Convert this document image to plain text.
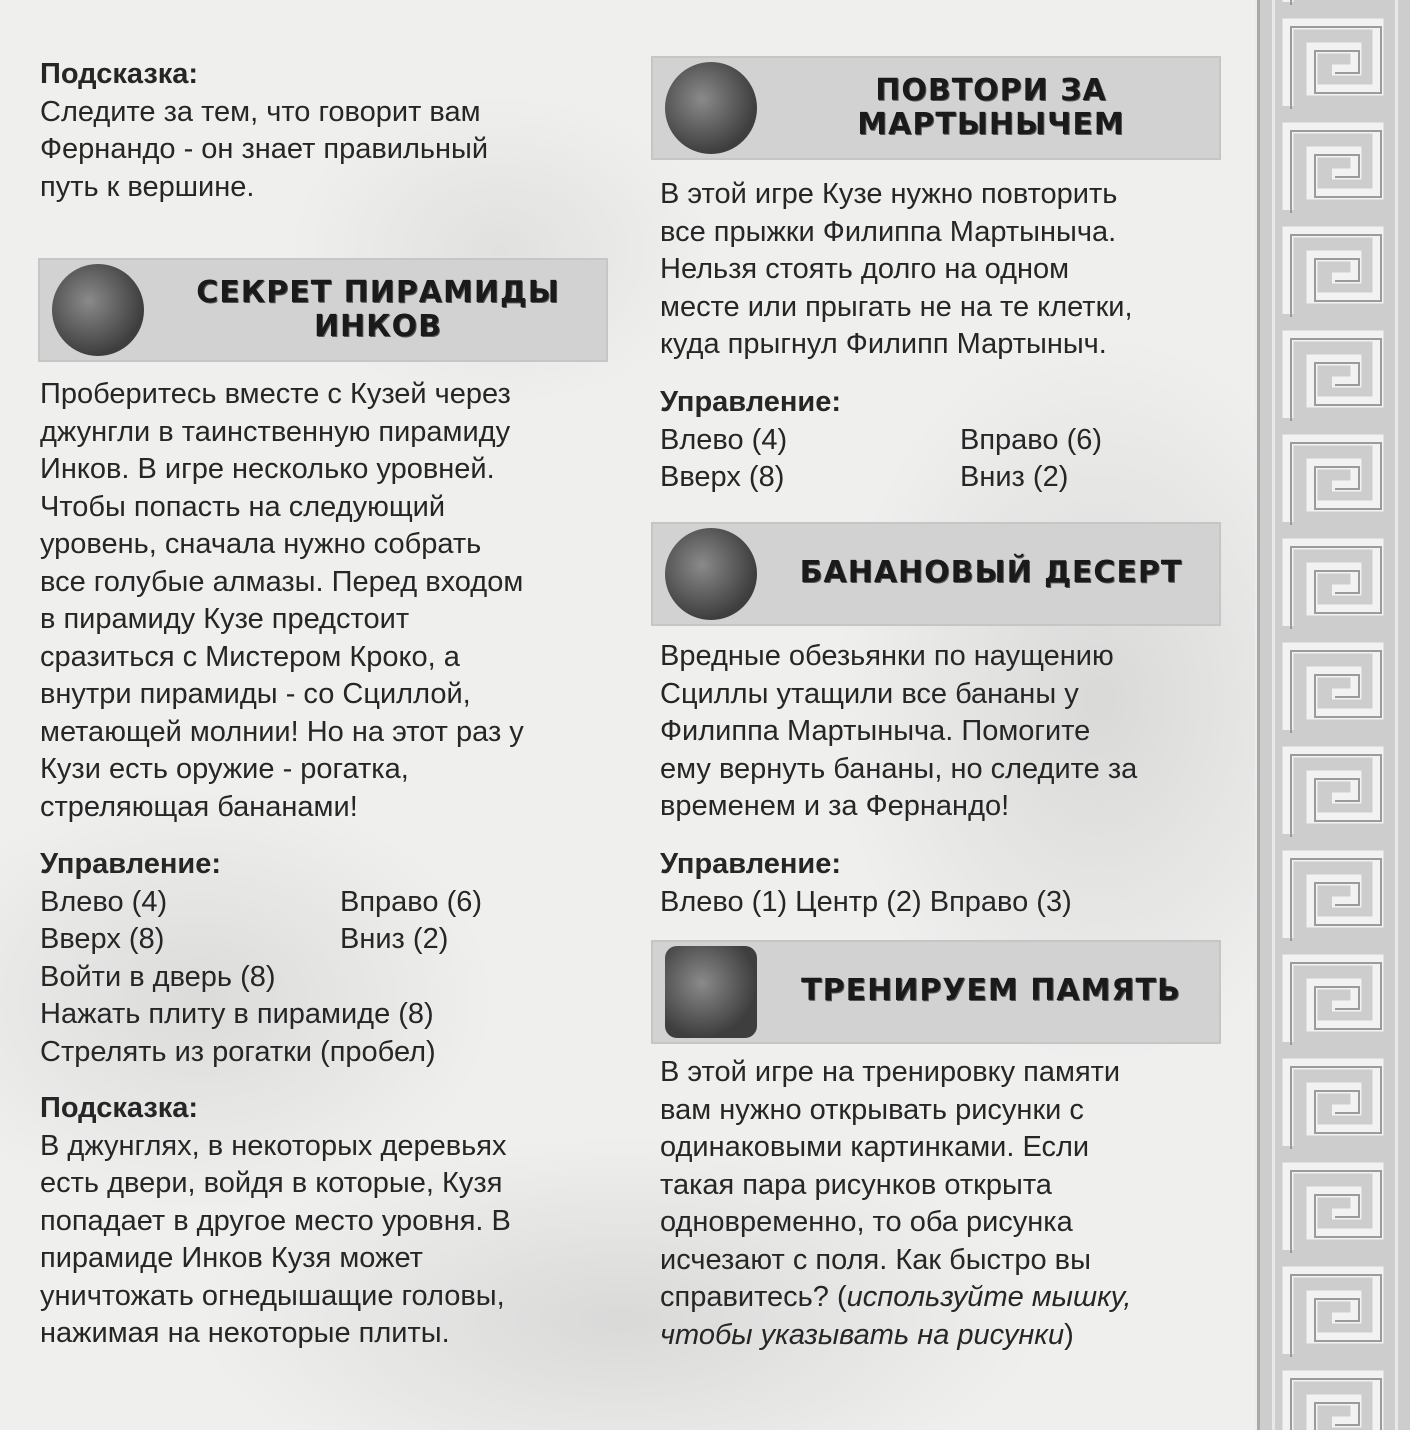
Подсказка:

Следите за тем, что говорит вам

Фернандо - он знает правильный

путь к вершине.

СЕКРЕТ ПИРАМИДЫ
ИНКОВ

Проберитесь вместе с Кузей через

джунгли в таинственную пирамиду

Инков. В игре несколько уровней.

Чтобы попасть на следующий

уровень, сначала нужно собрать

все голубые алмазы. Перед входом

в пирамиду Кузе предстоит

сразиться с Мистером Кроко, а

внутри пирамиды - со Сциллой,

метающей молнии! Но на этот раз у

Кузи есть оружие - рогатка,

стреляющая бананами!

Управление:

Влево (4)	Вправо (6)

Вверх (8)	Вниз (2)

Войти в дверь (8)

Нажать плиту в пирамиде (8)

Стрелять из рогатки (пробел)

Подсказка:

В джунглях, в некоторых деревьях

есть двери, войдя в которые, Кузя

попадает в другое место уровня. В

пирамиде Инков Кузя может

уничтожать огнедышащие головы,

нажимая на некоторые плиты.

ПОВТОРИ ЗА
МАРТЫНЫЧЕМ

В этой игре Кузе нужно повторить

все прыжки Филиппа Мартыныча.

Нельзя стоять долго на одном

месте или прыгать не на те клетки,

куда прыгнул Филипп Мартыныч.

Управление:

Влево (4)	Вправо (6)

Вверх (8)	Вниз (2)

БАНАНОВЫЙ ДЕСЕРТ

Вредные обезьянки по наущению

Сциллы утащили все бананы у

Филиппа Мартыныча. Помогите

ему вернуть бананы, но следите за

временем и за Фернандо!

Управление:

Влево (1) Центр (2) Вправо (3)

ТРЕНИРУЕМ ПАМЯТЬ

В этой игре на тренировку памяти

вам нужно открывать рисунки с

одинаковыми картинками. Если

такая пара рисунков открыта

одновременно, то оба рисунка

исчезают с поля. Как быстро вы

справитесь? (используйте мышку,

чтобы указывать на рисунки)
